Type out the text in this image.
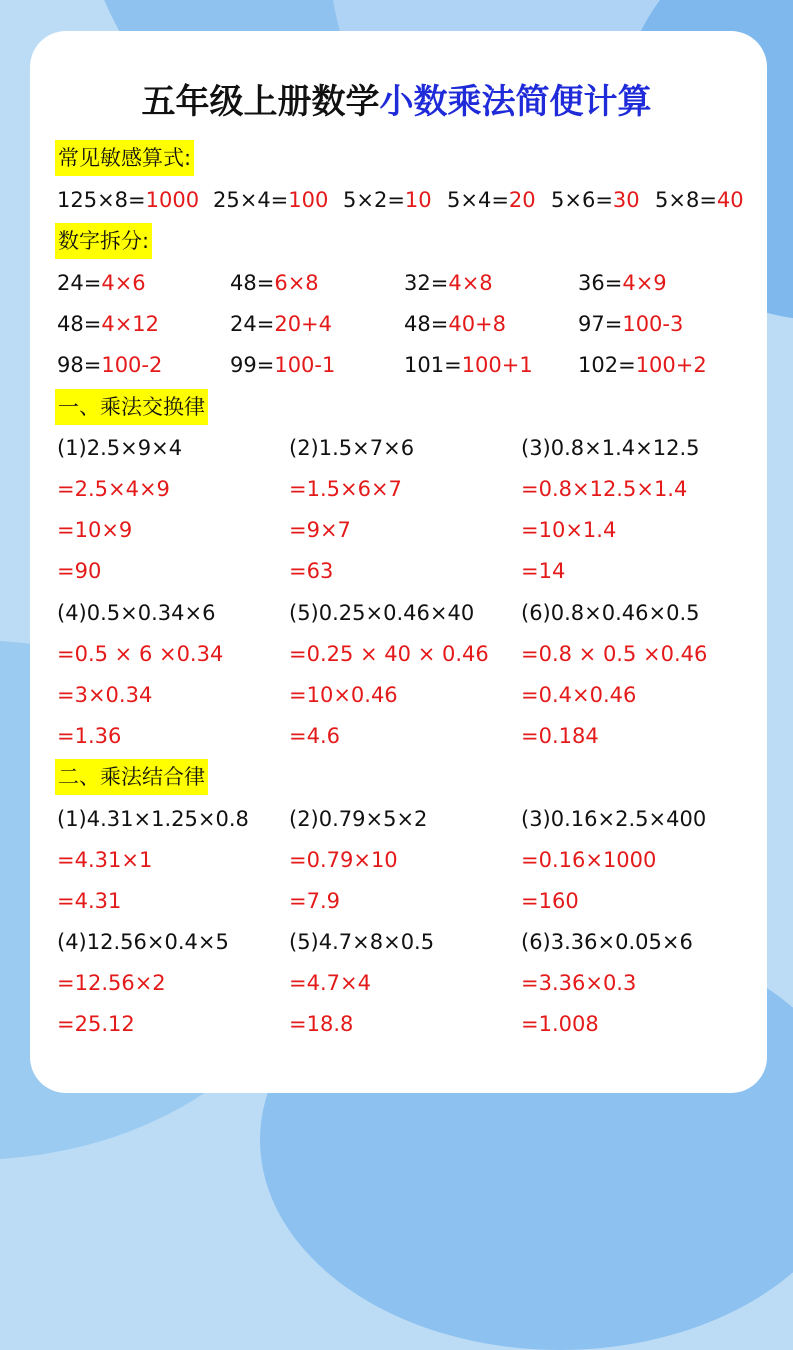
五年级上册数学小数乘法简便计算
常见敏感算式:
125×8=1000 25×4=100 5×2=10 5×4=20 5×6=30 5×8=40
数字拆分:
24=4×6	48=6×8	32=4×8	36=4×9
48=4×12	24=20+4	48=40+8	97=100-3
98=100-2	99=100-1	101=100+1 102=100+2
一、乘法交换律
(1)2.5×9×4	(2)1.5×7×6	(3)0.8×1.4×12.5
=2.5×4×9	=1.5×6×7	=0.8×12.5×1.4
=10×9	=9×7	=10×1.4
=90	=63	=14
(4)0.5×0.34×6	(5)0.25×0.46×40 (6)0.8×0.46×0.5
=0.5 × 6 ×0.34	=0.25 × 40 × 0.46 =0.8 × 0.5 ×0.46
=3×0.34	=10×0.46	=0.4×0.46
=1.36	=4.6	=0.184
二、乘法结合律
(1)4.31×1.25×0.8 (2)0.79×5×2	(3)0.16×2.5×400
=4.31×1	=0.79×10	=0.16×1000
=4.31	=7.9	=160
(4)12.56×0.4×5	(5)4.7×8×0.5	(6)3.36×0.05×6
=12.56×2	=4.7×4	=3.36×0.3
=25.12	=18.8	=1.008
